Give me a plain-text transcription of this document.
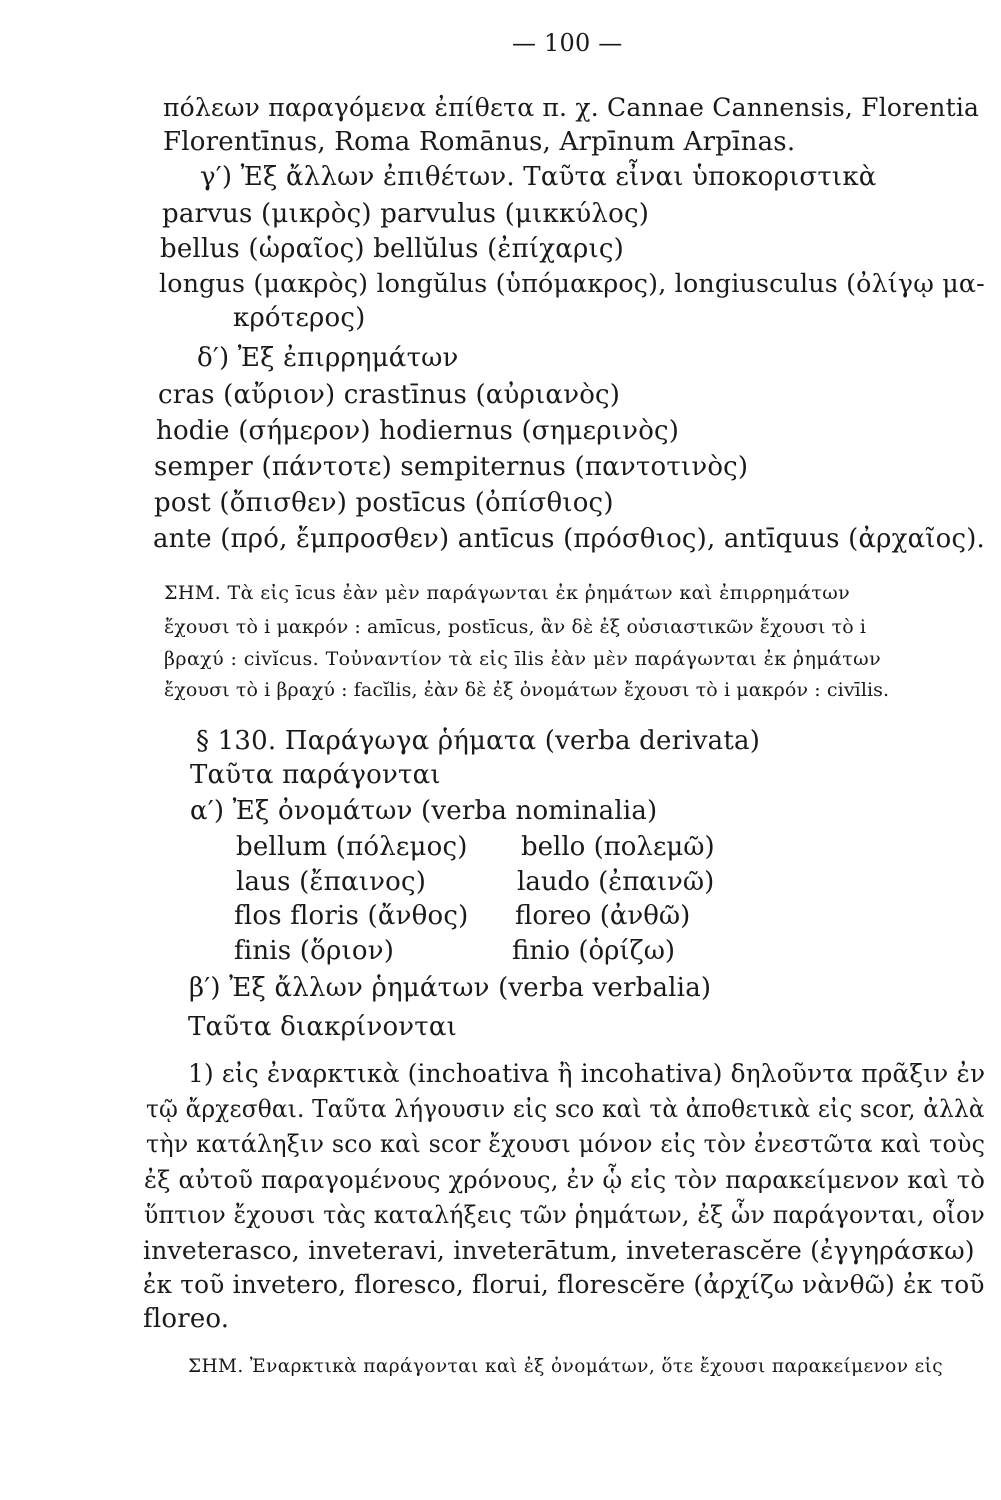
— 100 —
πόλεων παραγόμενα ἐπίθετα π. χ. Cannae Cannensis, Florentia
Florentīnus, Roma Romānus, Arpīnum Arpīnas.
γ′) Ἐξ ἄλλων ἐπιθέτων. Ταῦτα εἶναι ὑποκοριστικὰ
parvus (μικρὸς) parvulus (μικκύλος)
bellus (ὡραῖος) bellŭlus (ἐπίχαρις)
longus (μακρὸς) longŭlus (ὑπόμακρος), longiusculus (ὀλίγῳ μα-
κρότερος)
δ′) Ἐξ ἐπιρρημάτων
cras (αὔριον) crastīnus (αὐριανὸς)
hodie (σήμερον) hodiernus (σημερινὸς)
semper (πάντοτε) sempiternus (παντοτινὸς)
post (ὄπισθεν) postīcus (ὀπίσθιος)
ante (πρό, ἔμπροσθεν) antīcus (πρόσθιος), antīquus (ἀρχαῖος).
ΣΗΜ. Τὰ εἰς īcus ἐὰν μὲν παράγωνται ἐκ ῥημάτων καὶ ἐπιρρημάτων
ἔχουσι τὸ i μακρόν : amīcus, postīcus, ἂν δὲ ἐξ οὐσιαστικῶν ἔχουσι τὸ i
βραχύ : civĭcus. Τοὐναντίον τὰ εἰς īlis ἐὰν μὲν παράγωνται ἐκ ῥημάτων
ἔχουσι τὸ i βραχύ : facĭlis, ἐὰν δὲ ἐξ ὀνομάτων ἔχουσι τὸ i μακρόν : civīlis.
§ 130. Παράγωγα ῥήματα (verba derivata)
Ταῦτα παράγονται
α′) Ἐξ ὀνομάτων (verba nominalia)
bellum (πόλεμος) bello (πολεμῶ)
laus (ἔπαινος)	laudo (ἐπαινῶ)
flos floris (ἄνθος) floreo (ἀνθῶ)
finis (ὅριον)	finio (ὁρίζω)
β′) Ἐξ ἄλλων ῥημάτων (verba verbalia)
Ταῦτα διακρίνονται
1) εἰς ἐναρκτικὰ (inchoativa ἢ incohativa) δηλοῦντα πρᾶξιν ἐν
τῷ ἄρχεσθαι. Ταῦτα λήγουσιν εἰς sco καὶ τὰ ἀποθετικὰ εἰς scor, ἀλλὰ
τὴν κατάληξιν sco καὶ scor ἔχουσι μόνον εἰς τὸν ἐνεστῶτα καὶ τοὺς
ἐξ αὐτοῦ παραγομένους χρόνους, ἐν ᾧ εἰς τὸν παρακείμενον καὶ τὸ
ὕπτιον ἔχουσι τὰς καταλήξεις τῶν ῥημάτων, ἐξ ὧν παράγονται, οἷον
inveterasco, inveteravi, inveterātum, inveterascĕre (ἐγγηράσκω)
ἐκ τοῦ invetero, floresco, florui, florescĕre (ἀρχίζω νὰνθῶ) ἐκ τοῦ
floreo.
ΣΗΜ. Ἐναρκτικὰ παράγονται καὶ ἐξ ὀνομάτων, ὅτε ἔχουσι παρακείμενον εἰς
